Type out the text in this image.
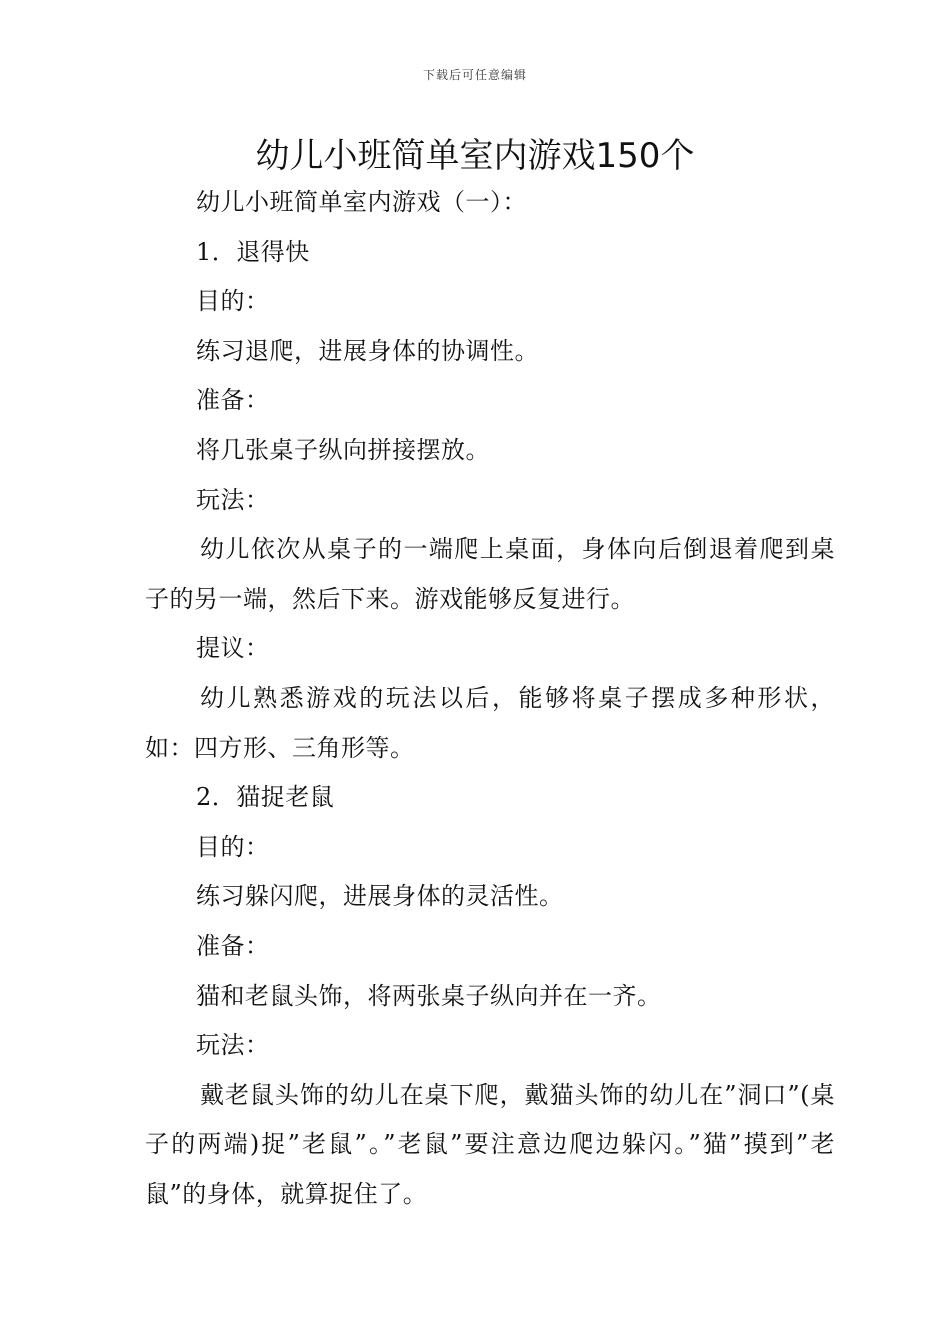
下载后可任意编辑
幼儿小班简单室内游戏150个

幼儿小班简单室内游戏（一）：

1．退得快

目的：

练习退爬，进展身体的协调性。

准备：

将几张桌子纵向拼接摆放。

玩法：

幼儿依次从桌子的一端爬上桌面，身体向后倒退着爬到桌子的另一端，然后下来。游戏能够反复进行。

提议：

幼儿熟悉游戏的玩法以后，能够将桌子摆成多种形状，如：四方形、三角形等。

2．猫捉老鼠

目的：

练习躲闪爬，进展身体的灵活性。

准备：

猫和老鼠头饰，将两张桌子纵向并在一齐。

玩法：

戴老鼠头饰的幼儿在桌下爬，戴猫头饰的幼儿在”洞口”(桌子的两端)捉”老鼠”。”老鼠”要注意边爬边躲闪。”猫”摸到”老鼠”的身体，就算捉住了。
